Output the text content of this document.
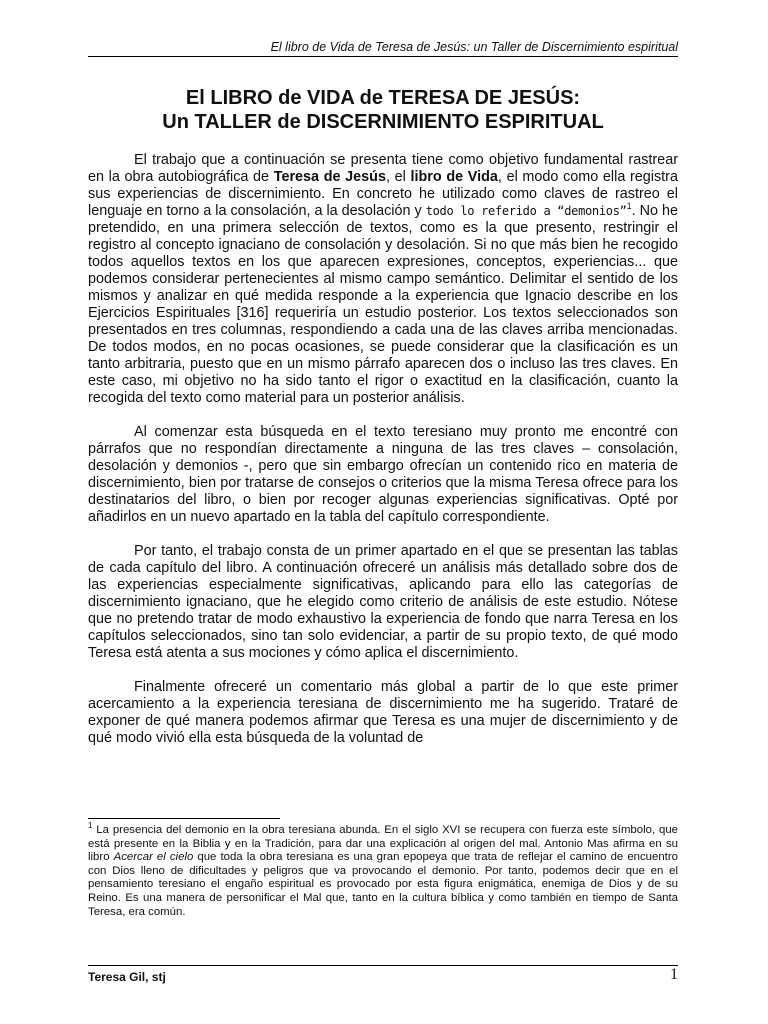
El libro de Vida de Teresa de Jesús: un Taller de Discernimiento espiritual
El LIBRO de VIDA de TERESA DE JESÚS:
Un TALLER de DISCERNIMIENTO ESPIRITUAL

El trabajo que a continuación se presenta tiene como objetivo fundamental rastrear en la obra autobiográfica de Teresa de Jesús, el libro de Vida, el modo como ella registra sus experiencias de discernimiento. En concreto he utilizado como claves de rastreo el lenguaje en torno a la consolación, a la desolación y todo lo referido a “demonios”$^1$. No he pretendido, en una primera selección de textos, como es la que presento, restringir el registro al concepto ignaciano de consolación y desolación. Si no que más bien he recogido todos aquellos textos en los que aparecen expresiones, conceptos, experiencias... que podemos considerar pertenecientes al mismo campo semántico. Delimitar el sentido de los mismos y analizar en qué medida responde a la experiencia que Ignacio describe en los Ejercicios Espirituales [316] requeriría un estudio posterior. Los textos seleccionados son presentados en tres columnas, respondiendo a cada una de las claves arriba mencionadas. De todos modos, en no pocas ocasiones, se puede considerar que la clasificación es un tanto arbitraria, puesto que en un mismo párrafo aparecen dos o incluso las tres claves. En este caso, mi objetivo no ha sido tanto el rigor o exactitud en la clasificación, cuanto la recogida del texto como material para un posterior análisis.

Al comenzar esta búsqueda en el texto teresiano muy pronto me encontré con párrafos que no respondían directamente a ninguna de las tres claves – consolación, desolación y demonios -, pero que sin embargo ofrecían un contenido rico en materia de discernimiento, bien por tratarse de consejos o criterios que la misma Teresa ofrece para los destinatarios del libro, o bien por recoger algunas experiencias significativas. Opté por añadirlos en un nuevo apartado en la tabla del capítulo correspondiente.

Por tanto, el trabajo consta de un primer apartado en el que se presentan las tablas de cada capítulo del libro. A continuación ofreceré un análisis más detallado sobre dos de las experiencias especialmente significativas, aplicando para ello las categorías de discernimiento ignaciano, que he elegido como criterio de análisis de este estudio. Nótese que no pretendo tratar de modo exhaustivo la experiencia de fondo que narra Teresa en los capítulos seleccionados, sino tan solo evidenciar, a partir de su propio texto, de qué modo Teresa está atenta a sus mociones y cómo aplica el discernimiento.

Finalmente ofreceré un comentario más global a partir de lo que este primer acercamiento a la experiencia teresiana de discernimiento me ha sugerido. Trataré de exponer de qué manera podemos afirmar que Teresa es una mujer de discernimiento y de qué modo vivió ella esta búsqueda de la voluntad de

$^1$ La presencia del demonio en la obra teresiana abunda. En el siglo XVI se recupera con fuerza este símbolo, que está presente en la Biblia y en la Tradición, para dar una explicación al origen del mal. Antonio Mas afirma en su libro Acercar el cielo que toda la obra teresiana es una gran epopeya que trata de reflejar el camino de encuentro con Dios lleno de dificultades y peligros que va provocando el demonio. Por tanto, podemos decir que en el pensamiento teresiano el engaño espiritual es provocado por esta figura enigmática, enemiga de Dios y de su Reino. Es una manera de personificar el Mal que, tanto en la cultura bíblica y como también en tiempo de Santa Teresa, era común.

Teresa Gil, stj	1
